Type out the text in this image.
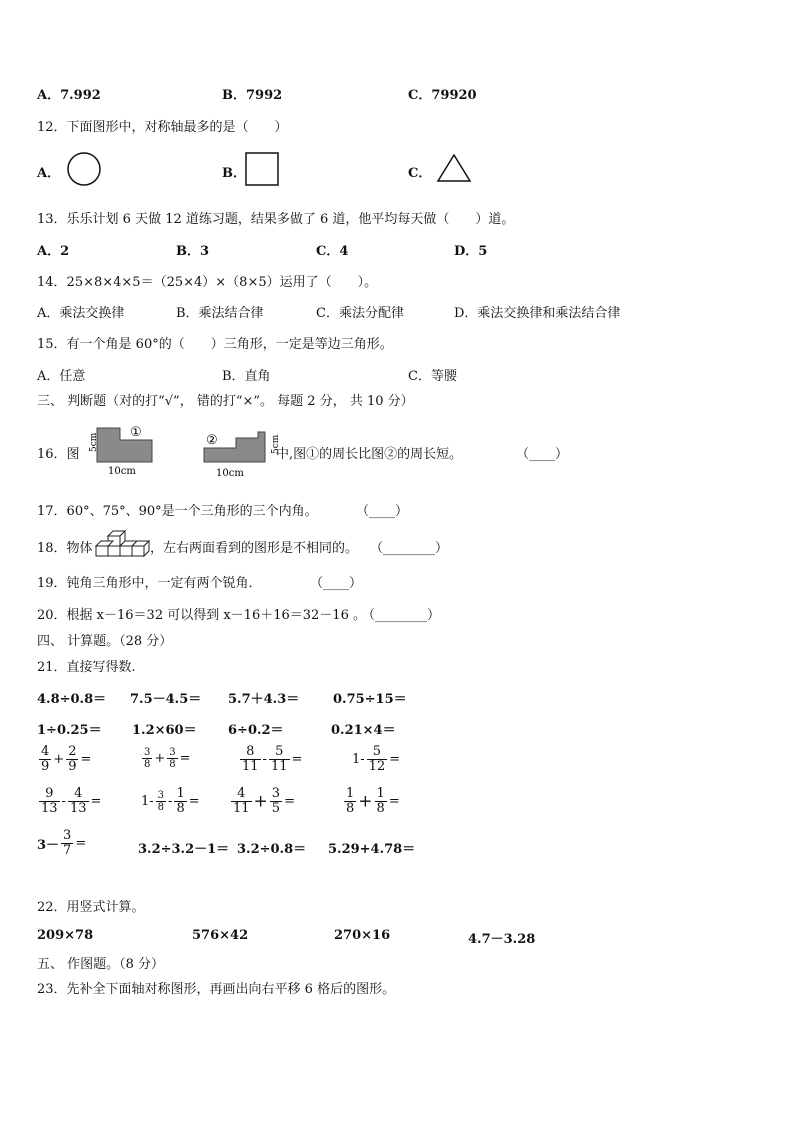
A．7.992	B．7992	C．79920
12．下面图形中，对称轴最多的是（　　）
A．	B．	C．
13．乐乐计划 6 天做 12 道练习题，结果多做了 6 道，他平均每天做（　　）道。
A．2	B．3	C．4	D．5
14．25×8×4×5＝（25×4）×（8×5）运用了（　　）。
A．乘法交换律	B．乘法结合律	C．乘法分配律	D．乘法交换律和乘法结合律
15．有一个角是 60°的（　　）三角形，一定是等边三角形。
A．任意	B．直角	C．等腰
三、 判断题（对的打“√”， 错的打“×”。 每题 2 分， 共 10 分）
16．图
5cm
①
10cm
②	5cm
10cm
中,图①的周长比图②的周长短。	（____）
17．60°、75°、90°是一个三角形的三个内角。	（____）
18．物体	，左右两面看到的图形是不相同的。 （________）
19．钝角三角形中，一定有两个锐角．	（____）
20．根据 x－16＝32 可以得到 x－16＋16＝32－16 。
（________）
四、 计算题。（28 分）
21．直接写得数.
4.8÷0.8＝ 7.5－4.5＝ 5.7＋4.3＝	0.75÷15＝
1÷0.25＝ 1.2×60＝ 6÷0.2＝	0.21×4＝
$\frac{4}{9} + \frac{2}{9}$ =	$\frac{3}{8} + \frac{3}{8}$ =	$\frac{8}{11} - \frac{5}{11}$ =	$1- \frac{5}{12}$ =
$\frac{9}{13} - \frac{4}{13}$ =	$1- \frac{3}{8} - \frac{1}{8} = \frac{4}{11} + \frac{3}{5}$ =	$\frac{1}{8} + \frac{1}{8}$ =
$3- \frac{3}{7}$ =	3.2÷3.2－1＝ 3.2÷0.8＝ 5.29+4.78＝
22．用竖式计算。
209×78	576×42	270×16	4.7－3.28
五、 作图题。（8 分）
23．先补全下面轴对称图形，再画出向右平移 6 格后的图形。
